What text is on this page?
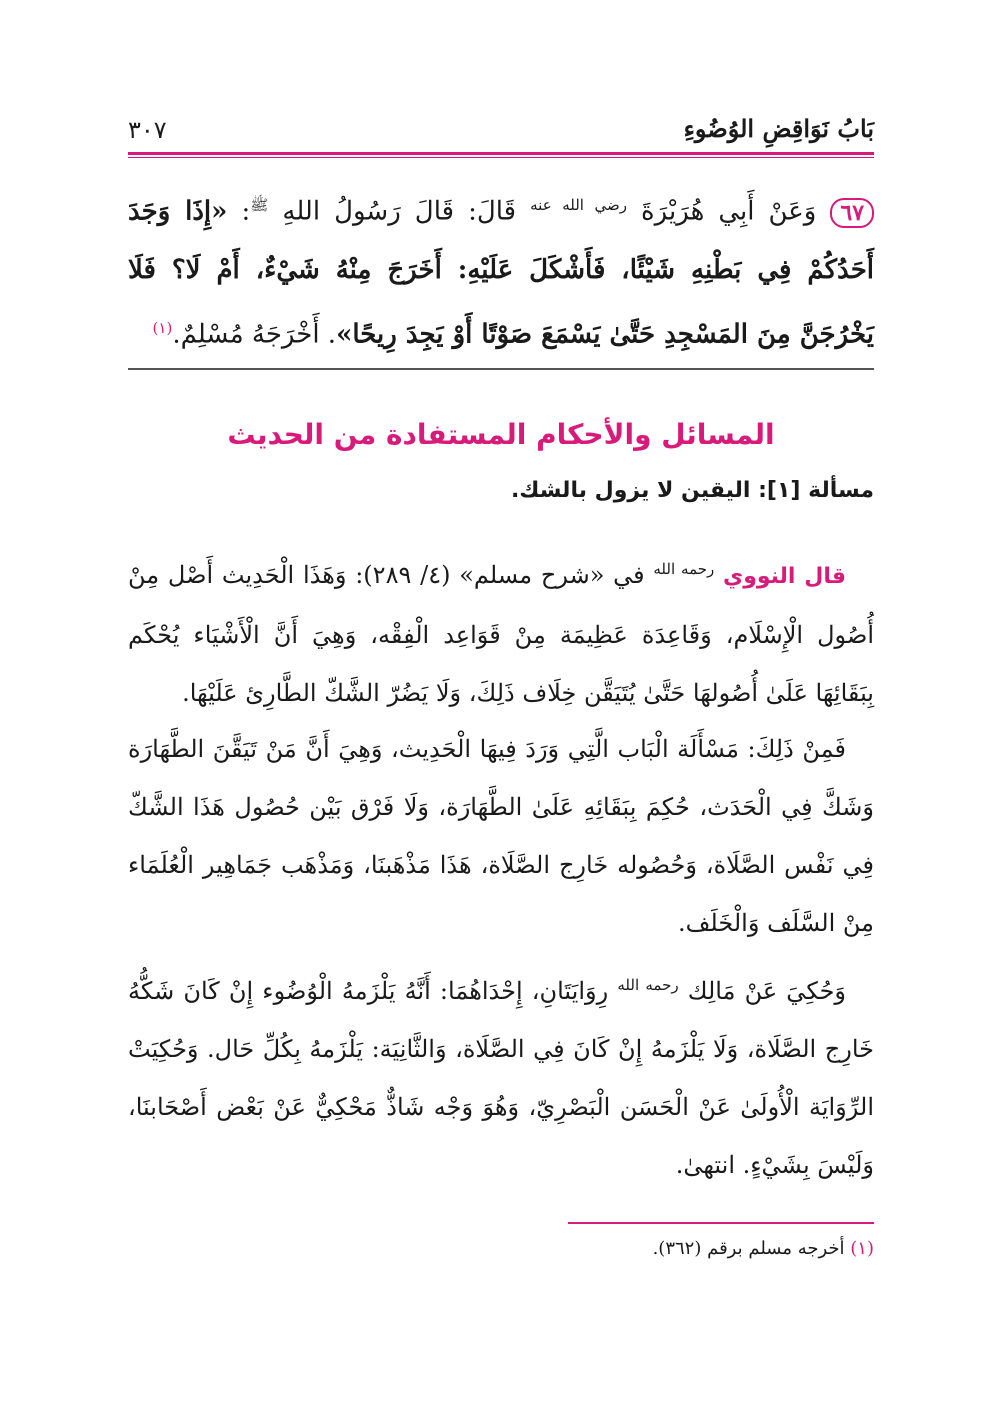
بَابُ نَوَاقِضِ الوُضُوءِ
٣٠٧

٦٧وَعَنْ أَبِي هُرَيْرَةَ $^{رضي الله عنه}$ قَالَ: قَالَ رَسُولُ اللهِ $^ﷺ$: «إِذَا وَجَدَ أَحَدُكُمْ فِي بَطْنِهِ شَيْئًا، فَأَشْكَلَ عَلَيْهِ: أَخَرَجَ مِنْهُ شَيْءٌ، أَمْ لَا؟ فَلَا يَخْرُجَنَّ مِنَ المَسْجِدِ حَتَّىٰ يَسْمَعَ صَوْتًا أَوْ يَجِدَ رِيحًا». أَخْرَجَهُ مُسْلِمٌ.$^{(١)}$

المسائل والأحكام المستفادة من الحديث
مسألة [١]: اليقين لا يزول بالشك.

قال النووي $^{رحمه الله}$ في «شرح مسلم» (٤/ ٢٨٩): وَهَذَا الْحَدِيث أَصْل مِنْ أُصُول الْإِسْلَام، وَقَاعِدَة عَظِيمَة مِنْ قَوَاعِد الْفِقْه، وَهِيَ أَنَّ الْأَشْيَاء يُحْكَم بِبَقَائِهَا عَلَىٰ أُصُولهَا حَتَّىٰ يُتَيَقَّن خِلَاف ذَلِكَ، وَلَا يَضُرّ الشَّكّ الطَّارِئ عَلَيْهَا.

فَمِنْ ذَلِكَ: مَسْأَلَة الْبَاب الَّتِي وَرَدَ فِيهَا الْحَدِيث، وَهِيَ أَنَّ مَنْ تَيَقَّنَ الطَّهَارَة وَشَكَّ فِي الْحَدَث، حُكِمَ بِبَقَائِهِ عَلَىٰ الطَّهَارَة، وَلَا فَرْق بَيْن حُصُول هَذَا الشَّكّ فِي نَفْس الصَّلَاة، وَحُصُوله خَارِج الصَّلَاة، هَذَا مَذْهَبنَا، وَمَذْهَب جَمَاهِير الْعُلَمَاء مِنْ السَّلَف وَالْخَلَف.

وَحُكِيَ عَنْ مَالِك $^{رحمه الله}$ رِوَايَتَانِ، إِحْدَاهُمَا: أَنَّهُ يَلْزَمهُ الْوُضُوء إِنْ كَانَ شَكُّهُ خَارِج الصَّلَاة، وَلَا يَلْزَمهُ إِنْ كَانَ فِي الصَّلَاة، وَالثَّانِيَة: يَلْزَمهُ بِكُلِّ حَال. وَحُكِيَتْ الرِّوَايَة الْأُولَىٰ عَنْ الْحَسَن الْبَصْرِيّ، وَهُوَ وَجْه شَاذٌّ مَحْكِيٌّ عَنْ بَعْض أَصْحَابنَا، وَلَيْسَ بِشَيْءٍ. انتهىٰ.

(١) أخرجه مسلم برقم (٣٦٢).
